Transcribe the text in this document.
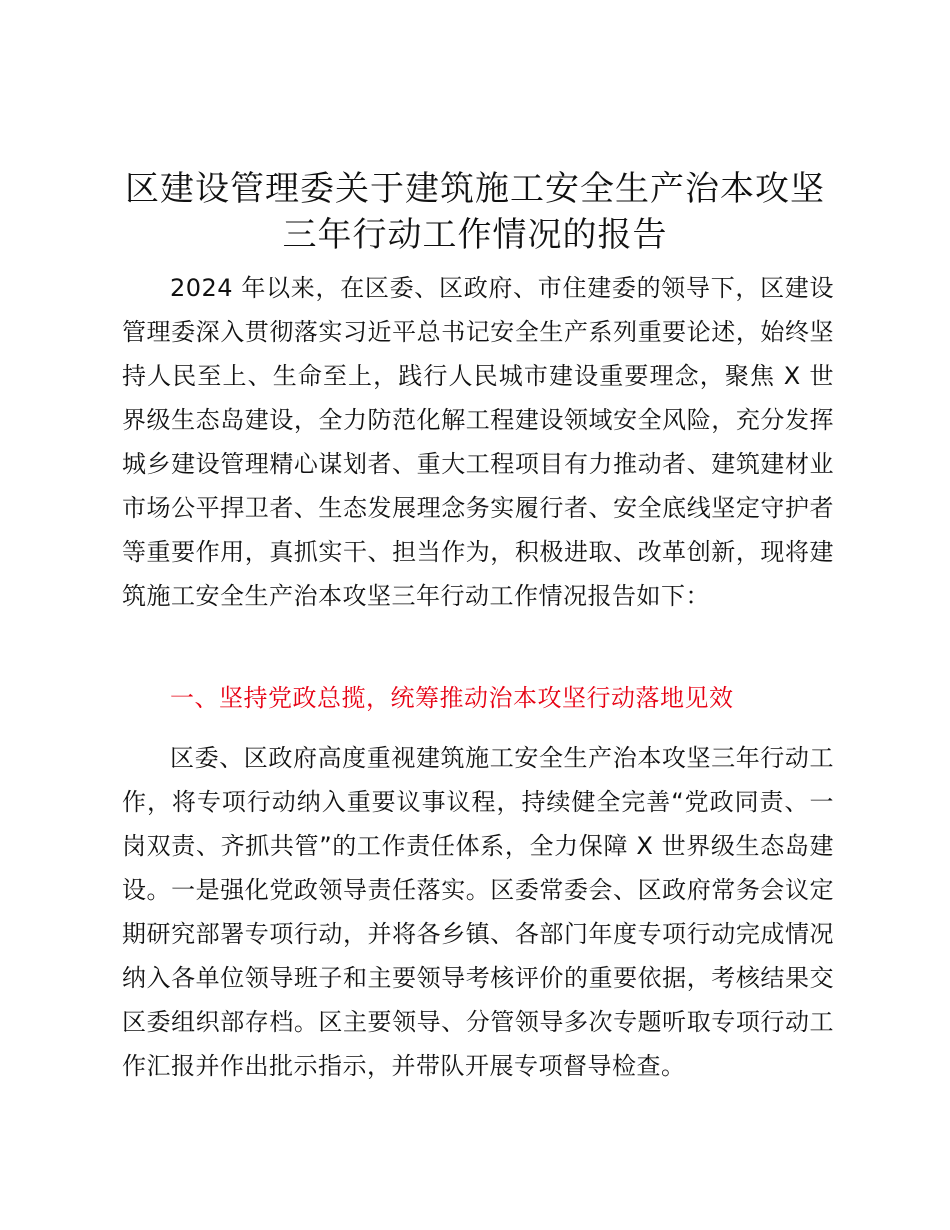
区建设管理委关于建筑施工安全生产治本攻坚
三年行动工作情况的报告

2024 年以来，在区委、区政府、市住建委的领导下，区建设管理委深入贯彻落实习近平总书记安全生产系列重要论述，始终坚持人民至上、生命至上，践行人民城市建设重要理念，聚焦 X 世界级生态岛建设，全力防范化解工程建设领域安全风险，充分发挥城乡建设管理精心谋划者、重大工程项目有力推动者、建筑建材业市场公平捍卫者、生态发展理念务实履行者、安全底线坚定守护者等重要作用，真抓实干、担当作为，积极进取、改革创新，现将建筑施工安全生产治本攻坚三年行动工作情况报告如下：

一、坚持党政总揽，统筹推动治本攻坚行动落地见效

区委、区政府高度重视建筑施工安全生产治本攻坚三年行动工作，将专项行动纳入重要议事议程，持续健全完善“党政同责、一岗双责、齐抓共管”的工作责任体系，全力保障 X 世界级生态岛建设。一是强化党政领导责任落实。区委常委会、区政府常务会议定期研究部署专项行动，并将各乡镇、各部门年度专项行动完成情况纳入各单位领导班子和主要领导考核评价的重要依据，考核结果交区委组织部存档。区主要领导、分管领导多次专题听取专项行动工作汇报并作出批示指示，并带队开展专项督导检查。
